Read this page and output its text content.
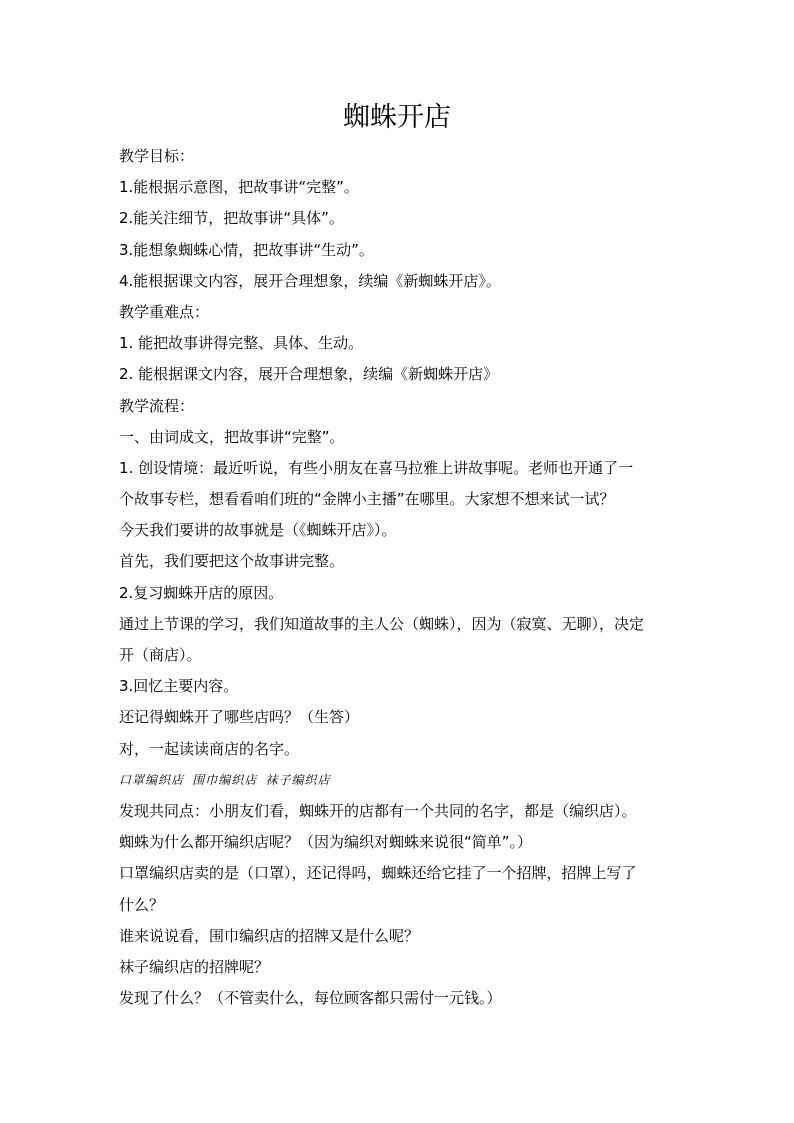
蜘蛛开店

教学目标：

1.能根据示意图，把故事讲“完整”。

2.能关注细节，把故事讲“具体”。

3.能想象蜘蛛心情，把故事讲“生动”。

4.能根据课文内容，展开合理想象，续编《新蜘蛛开店》。

教学重难点：

1. 能把故事讲得完整、具体、生动。

2. 能根据课文内容，展开合理想象，续编《新蜘蛛开店》

教学流程：

一、由词成文，把故事讲“完整”。

1. 创设情境：最近听说，有些小朋友在喜马拉雅上讲故事呢。老师也开通了一

个故事专栏，想看看咱们班的“金牌小主播”在哪里。大家想不想来试一试？

今天我们要讲的故事就是（《蜘蛛开店》）。

首先，我们要把这个故事讲完整。

2.复习蜘蛛开店的原因。

通过上节课的学习，我们知道故事的主人公（蜘蛛），因为（寂寞、无聊），决定

开（商店）。

3.回忆主要内容。

还记得蜘蛛开了哪些店吗？（生答）

对，一起读读商店的名字。

口罩编织店 围巾编织店 袜子编织店

发现共同点：小朋友们看，蜘蛛开的店都有一个共同的名字，都是（编织店）。

蜘蛛为什么都开编织店呢？（因为编织对蜘蛛来说很“简单”。）

口罩编织店卖的是（口罩），还记得吗，蜘蛛还给它挂了一个招牌，招牌上写了

什么？

谁来说说看，围巾编织店的招牌又是什么呢？

袜子编织店的招牌呢？

发现了什么？（不管卖什么，每位顾客都只需付一元钱。）
